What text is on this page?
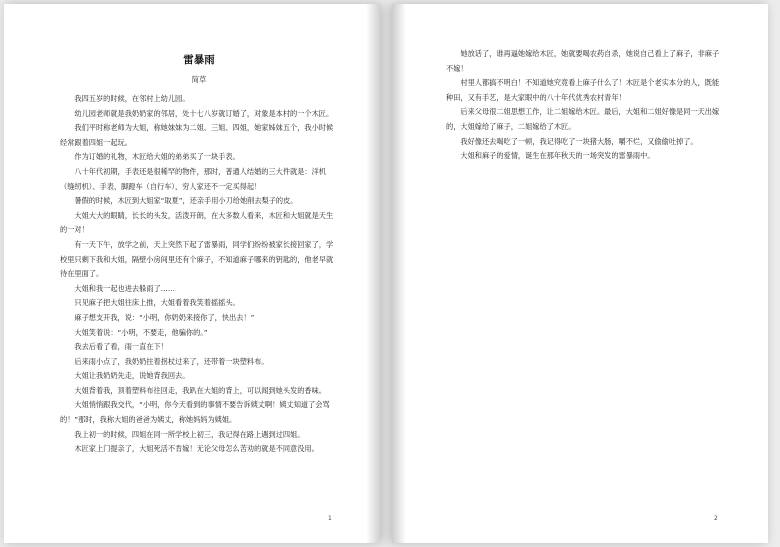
雷暴雨
简草

我四五岁的时候，在邻村上幼儿园。

幼儿园老师就是我奶奶家的邻居，处十七八岁就订婚了，对象是本村的一个木匠。

我们平时称老师为大姐，称她妹妹为二姐、三姐、四姐，她家姊妹五个，我小时候经常跟着四姐一起玩。

作为订婚的礼物，木匠给大姐的弟弟买了一块手表。

八十年代初期，手表还是很稀罕的物件，那时，普通人结婚的三大件就是：洋机（缝纫机）、手表、脚蹬车（自行车），穷人家还不一定买得起！

暑假的时候，木匠到大姐家“取夏”，还亲手用小刀给她削去梨子的皮。

大姐大大的眼睛，长长的头发，活泼开朗，在大多数人看来，木匠和大姐就是天生的一对！

有一天下午，放学之前，天上突然下起了雷暴雨，同学们纷纷被家长接回家了，学校里只剩下我和大姐，隔壁小房间里还有个麻子，不知道麻子哪来的钥匙的，他老早就待在里面了。

大姐和我一起也进去躲雨了……

只见麻子把大姐往床上推，大姐看着我笑着摇摇头。

麻子想支开我，说：“小明，你奶奶来接你了，快出去！”

大姐笑着说：“小明，不要走，他骗你的。”

我去后看了看，雨一直在下！

后来雨小点了，我奶奶拄着拐杖过来了，还带着一块塑料布。

大姐让我奶奶先走，说她背我回去。

大姐背着我，顶着塑料布往回走，我趴在大姐的背上，可以闻到她头发的香味。

大姐悄悄跟我交代，“小明，你今天看到的事情不要告诉姨丈啊！姨丈知道了会骂的！”那时，我称大姐的爸爸为姨丈，称她妈妈为姨姐。

我上初一的时候，四姐在同一所学校上初三，我记得在路上遇到过四姐。

木匠家上门提亲了，大姐死活不肯嫁！无论父母怎么苦劝的就是不同意没用。

1

她放话了，谁再逼她嫁给木匠，她就要喝农药自杀，她说自己看上了麻子，非麻子不嫁！

村里人都搞不明白！不知道她究竟看上麻子什么了！木匠是个老实本分的人，既能种田，又有手艺，是大家眼中的八十年代优秀农村青年！

后来父母很二姐思想工作，让二姐嫁给木匠。最后，大姐和二姐好像是同一天出嫁的，大姐嫁给了麻子，二姐嫁给了木匠。

我好像还去喝吃了一顿，我记得吃了一块猪大肠，嚼不烂，又偷偷吐掉了。

大姐和麻子的爱情，诞生在那年秋天的一场突发的雷暴雨中。

2
